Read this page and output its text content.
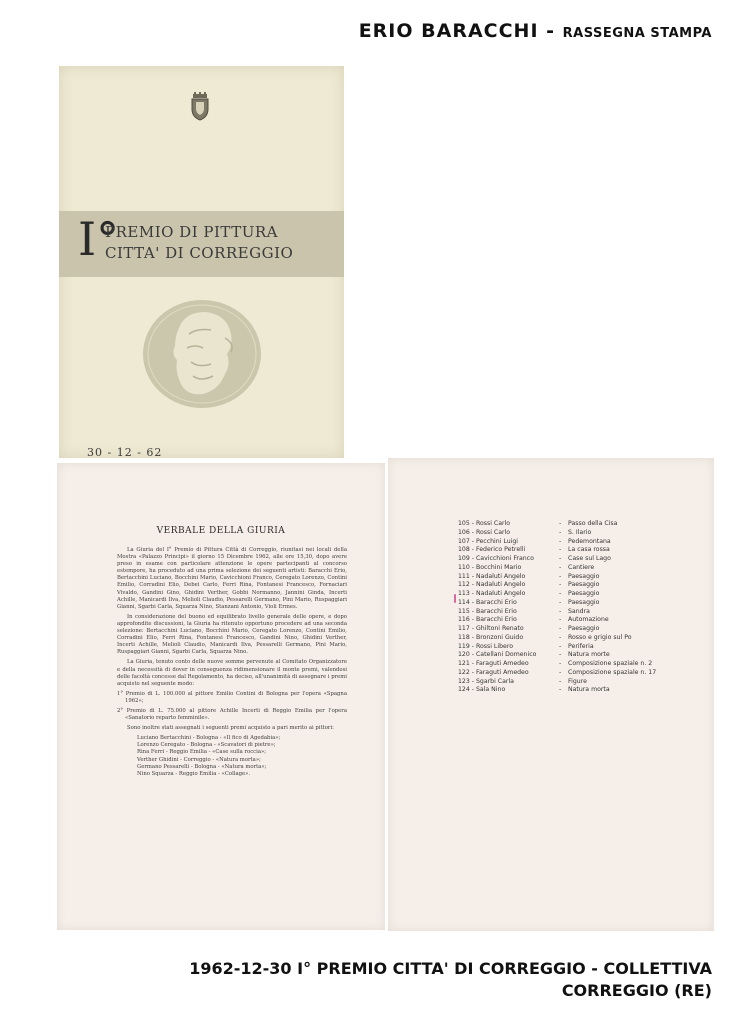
ERIO BARACCHI - RASSEGNA STAMPA
I°
PREMIO DI PITTURA
CITTA' DI CORREGGIO
30 - 12 - 62
VERBALE DELLA GIURIA

La Giuria del I° Premio di Pittura Città di Correggio, riunitasi nei locali della Mostra «Palazzo Principi» il giorno 15 Dicembre 1962, alle ore 15,30, dopo avere preso in esame con particolare attenzione le opere partecipanti al concorso estempore, ha proceduto ad una prima selezione dei seguenti artisti: Baracchi Erio, Bertacchini Luciano, Bocchini Mario, Cavicchioni Franco, Ceregato Lorenzo, Contini Emilio, Corradini Elio, Debei Carlo, Ferri Rina, Fontanesi Francesco, Fornaciari Vivaldo, Gandini Gino, Ghidini Verther, Gobbi Normanno, Jannini Ginda, Incerti Achille, Manicardi Ilva, Melioli Claudio, Pessarelli Germano, Pini Mario, Ruspaggiari Gianni, Sgarbi Carla, Squarza Nino, Stanzani Antonio, Violi Ermes.

In considerazione del buono ed equilibrato livello generale delle opere, e dopo approfondite discussioni, la Giuria ha ritenuto opportuno procedere ad una seconda selezione: Bertacchini Luciano, Bocchini Mario, Ceregato Lorenzo, Contini Emilio, Corradini Elio, Ferri Rina, Fontanesi Francesco, Gandini Nino, Ghidini Verther, Incerti Achille, Melioli Claudio, Manicardi Ilva, Pessarelli Germano, Pini Mario, Ruspaggiari Gianni, Sgarbi Carla, Squarza Nino.

La Giuria, tenuto conto delle nuove somme pervenute al Comitato Organizzatore e della necessità di dover in conseguenza ridimensionare il monte premi, valendosi delle facoltà concesse dal Regolamento, ha deciso, all'unanimità di assegnare i premi acquisto nel seguente modo:

1° Premio di L. 100.000 al pittore Emilio Contini di Bologna per l'opera «Spagna 1962»;
2° Premio di L. 75.000 al pittore Achille Incerti di Reggio Emilia per l'opera «Sanatorio reparto femminile».

Sono inoltre stati assegnati i seguenti premi acquisto a pari merito ai pittori:

Luciano Bertacchini - Bologna - «Il fico di Agedabia»;
Lorenzo Ceregato - Bologna - «Scavatori di pietre»;
Rina Ferri - Reggio Emilia - «Case sulla roccia»;
Verther Ghidini - Correggio - «Natura morta»;
Germano Pessarelli - Bologna - «Natura morta»;
Nino Squarza - Reggio Emilia - «Collage».
105 - Rossi Carlo	-	Passo della Cisa
106 - Rossi Carlo	-	S. Ilario
107 - Pecchini Luigi	-	Pedemontana
108 - Federico Petrelli	-	La casa rossa
109 - Cavicchioni Franco	-	Case sul Lago
110 - Bocchini Mario	-	Cantiere
111 - Nadaluti Angelo	-	Paesaggio
112 - Nadaluti Angelo	-	Paesaggio
113 - Nadaluti Angelo	-	Paesaggio
114 - Baracchi Erio	-	Paesaggio
115 - Baracchi Erio	-	Sandra
116 - Baracchi Erio	-	Automazione
117 - Ghiltoni Renato	-	Paesaggio
118 - Bronzoni Guido	-	Rosso e grigio sul Po
119 - Rossi Libero	-	Periferia
120 - Catellani Domenico	-	Natura morte
121 - Faraguti Amedeo	-	Composizione spaziale n. 2
122 - Faraguti Amedeo	-	Composizione spaziale n. 17
123 - Sgarbi Carla	-	Figure
124 - Sala Nino	-	Natura morta
1962-12-30 I° PREMIO CITTA' DI CORREGGIO - COLLETTIVA
CORREGGIO (RE)
